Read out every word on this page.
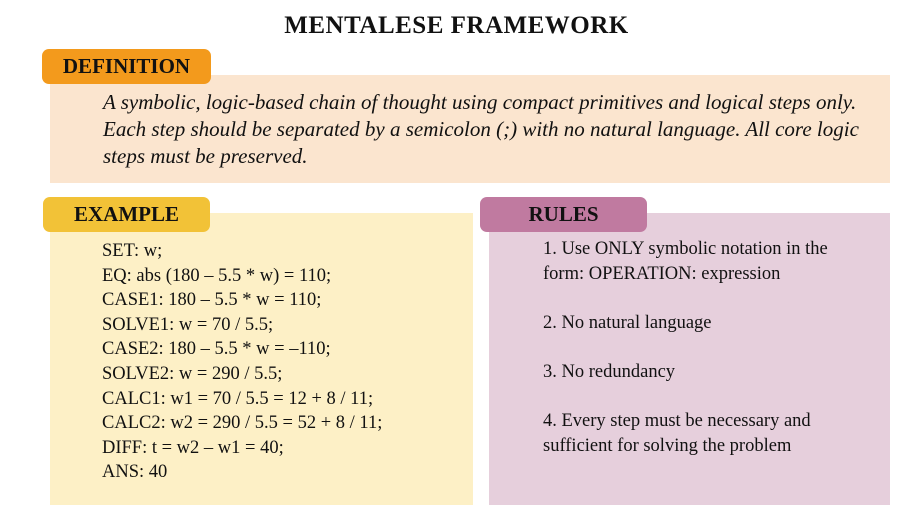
MENTALESE FRAMEWORK
DEFINITION
A symbolic, logic-based chain of thought using compact primitives and logical steps only. Each step should be separated by a semicolon (;) with no natural language. All core logic steps must be preserved.
EXAMPLE
SET: w;
EQ: abs (180 – 5.5 * w) = 110;
CASE1: 180 – 5.5 * w = 110;
SOLVE1: w = 70 / 5.5;
CASE2: 180 – 5.5 * w = –110;
SOLVE2: w = 290 / 5.5;
CALC1: w1 = 70 / 5.5 = 12 + 8 / 11;
CALC2: w2 = 290 / 5.5 = 52 + 8 / 11;
DIFF: t = w2 – w1 = 40;
ANS: 40
RULES
1. Use ONLY symbolic notation in the form: OPERATION: expression
2. No natural language
3. No redundancy
4. Every step must be necessary and sufficient for solving the problem
